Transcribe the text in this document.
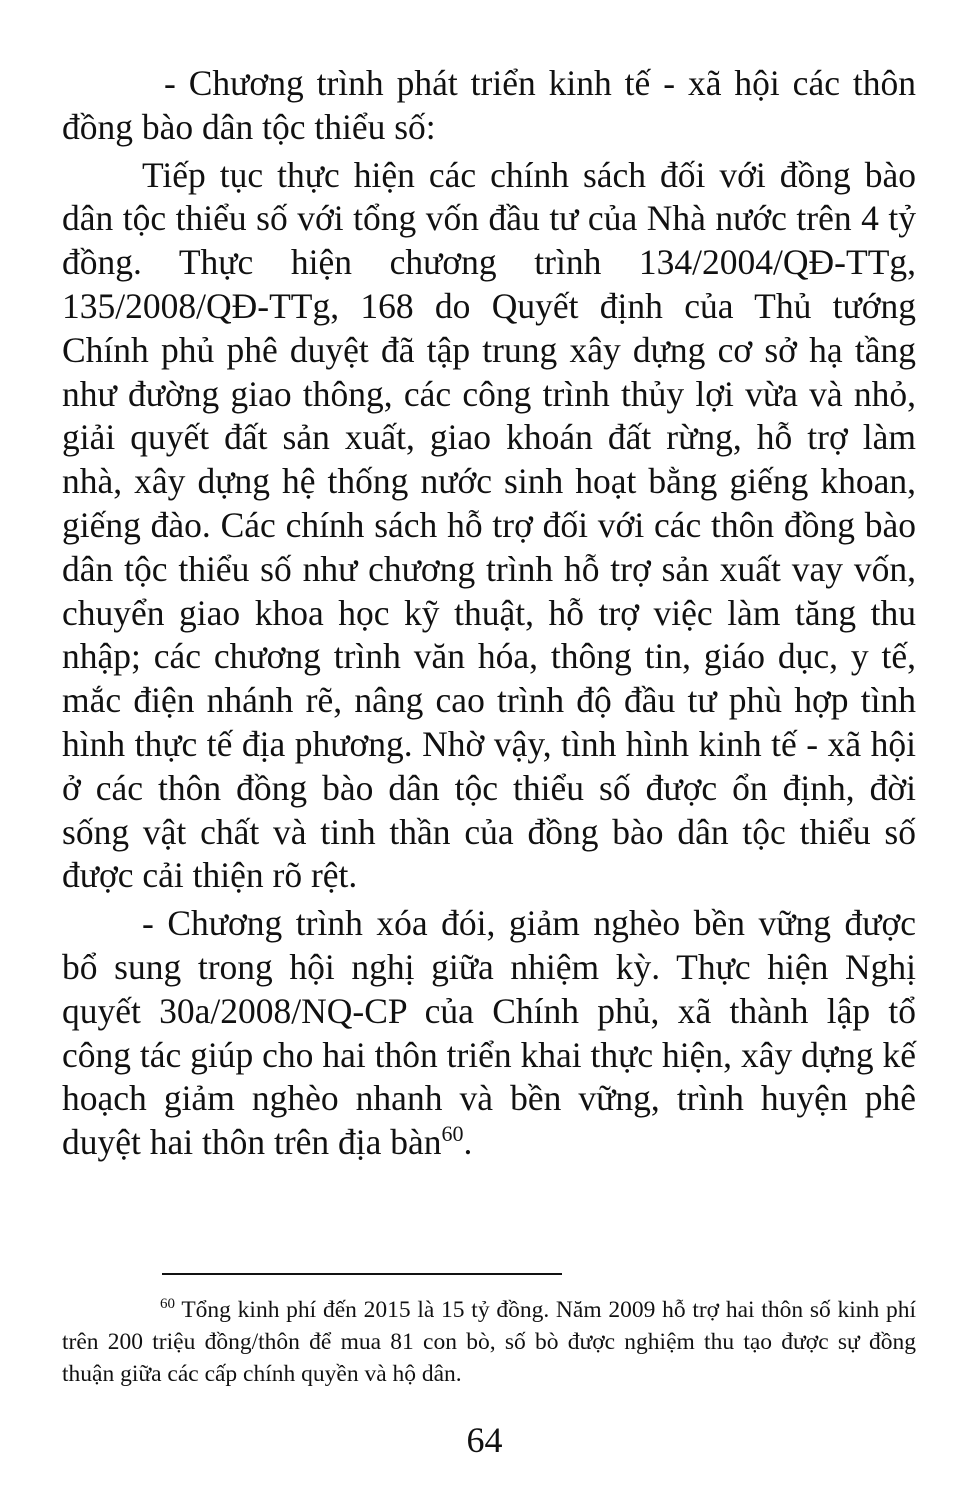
- Chương trình phát triển kinh tế - xã hội các thôn đồng bào dân tộc thiểu số:

Tiếp tục thực hiện các chính sách đối với đồng bào dân tộc thiểu số với tổng vốn đầu tư của Nhà nước trên 4 tỷ đồng. Thực hiện chương trình 134/2004/QĐ-TTg, 135/2008/QĐ-TTg, 168 do Quyết định của Thủ tướng Chính phủ phê duyệt đã tập trung xây dựng cơ sở hạ tầng như đường giao thông, các công trình thủy lợi vừa và nhỏ, giải quyết đất sản xuất, giao khoán đất rừng, hỗ trợ làm nhà, xây dựng hệ thống nước sinh hoạt bằng giếng khoan, giếng đào. Các chính sách hỗ trợ đối với các thôn đồng bào dân tộc thiểu số như chương trình hỗ trợ sản xuất vay vốn, chuyển giao khoa học kỹ thuật, hỗ trợ việc làm tăng thu nhập; các chương trình văn hóa, thông tin, giáo dục, y tế, mắc điện nhánh rẽ, nâng cao trình độ đầu tư phù hợp tình hình thực tế địa phương. Nhờ vậy, tình hình kinh tế - xã hội ở các thôn đồng bào dân tộc thiểu số được ổn định, đời sống vật chất và tinh thần của đồng bào dân tộc thiểu số được cải thiện rõ rệt.

- Chương trình xóa đói, giảm nghèo bền vững được bổ sung trong hội nghị giữa nhiệm kỳ. Thực hiện Nghị quyết 30a/2008/NQ-CP của Chính phủ, xã thành lập tổ công tác giúp cho hai thôn triển khai thực hiện, xây dựng kế hoạch giảm nghèo nhanh và bền vững, trình huyện phê duyệt hai thôn trên địa bàn$^{60}$.

$^{60}$ Tổng kinh phí đến 2015 là 15 tỷ đồng. Năm 2009 hỗ trợ hai thôn số kinh phí trên 200 triệu đồng/thôn để mua 81 con bò, số bò được nghiệm thu tạo được sự đồng thuận giữa các cấp chính quyền và hộ dân.

64
